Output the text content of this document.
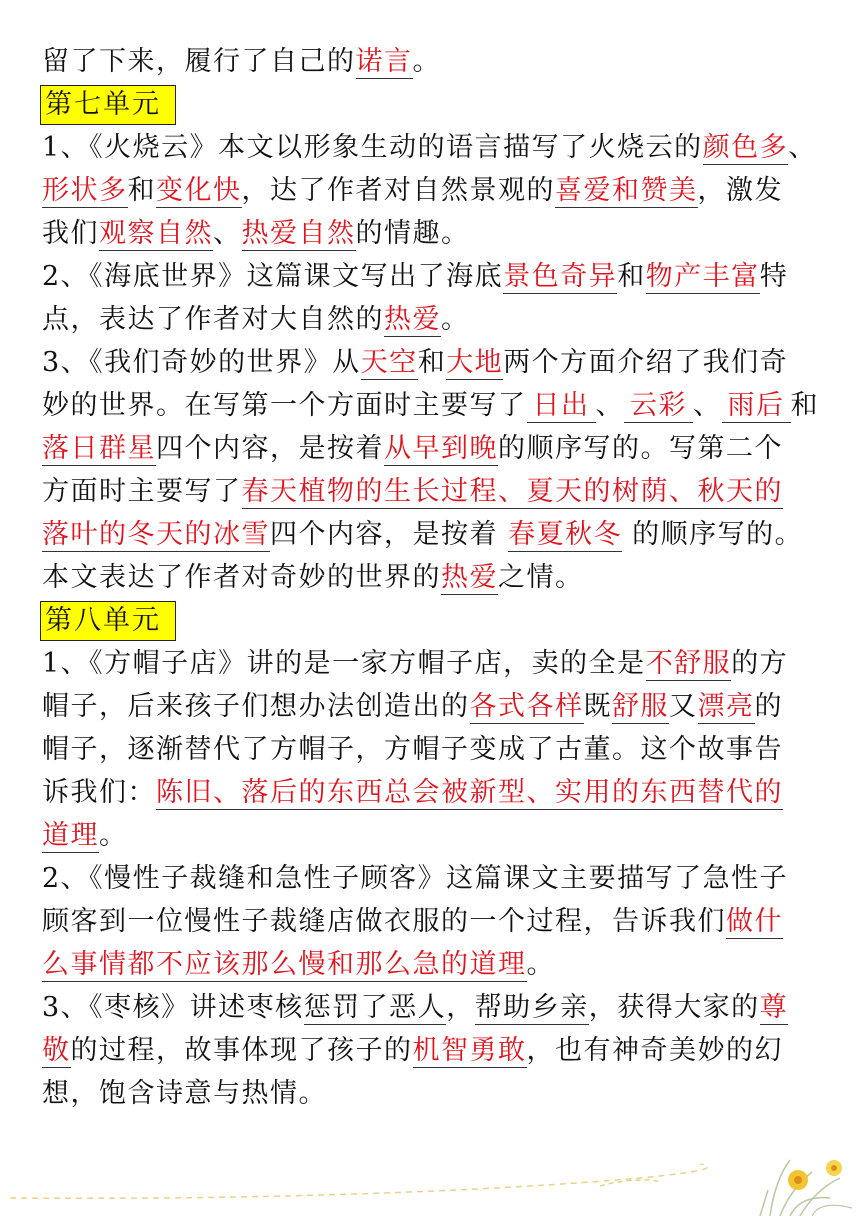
留了下来，履行了自己的诺言。
第七单元
1、《火烧云》本文以形象生动的语言描写了火烧云的颜色多、
形状多和变化快，达了作者对自然景观的喜爱和赞美，激发
我们观察自然、热爱自然的情趣。
2、《海底世界》这篇课文写出了海底景色奇异和物产丰富特
点，表达了作者对大自然的热爱。
3、《我们奇妙的世界》从天空和大地两个方面介绍了我们奇
妙的世界。在写第一个方面时主要写了 日出 、 云彩 、 雨后 和
落日群星四个内容，是按着从早到晚的顺序写的。写第二个
方面时主要写了春天植物的生长过程、夏天的树荫、秋天的
落叶的冬天的冰雪四个内容，是按着 春夏秋冬 的顺序写的。
本文表达了作者对奇妙的世界的热爱之情。
第八单元
1、《方帽子店》讲的是一家方帽子店，卖的全是不舒服的方
帽子，后来孩子们想办法创造出的各式各样既舒服又漂亮的
帽子，逐渐替代了方帽子，方帽子变成了古董。这个故事告
诉我们：陈旧、落后的东西总会被新型、实用的东西替代的
道理。
2、《慢性子裁缝和急性子顾客》这篇课文主要描写了急性子
顾客到一位慢性子裁缝店做衣服的一个过程，告诉我们做什
么事情都不应该那么慢和那么急的道理。
3、《枣核》讲述枣核惩罚了恶人，帮助乡亲，获得大家的尊
敬的过程，故事体现了孩子的机智勇敢，也有神奇美妙的幻
想，饱含诗意与热情。
